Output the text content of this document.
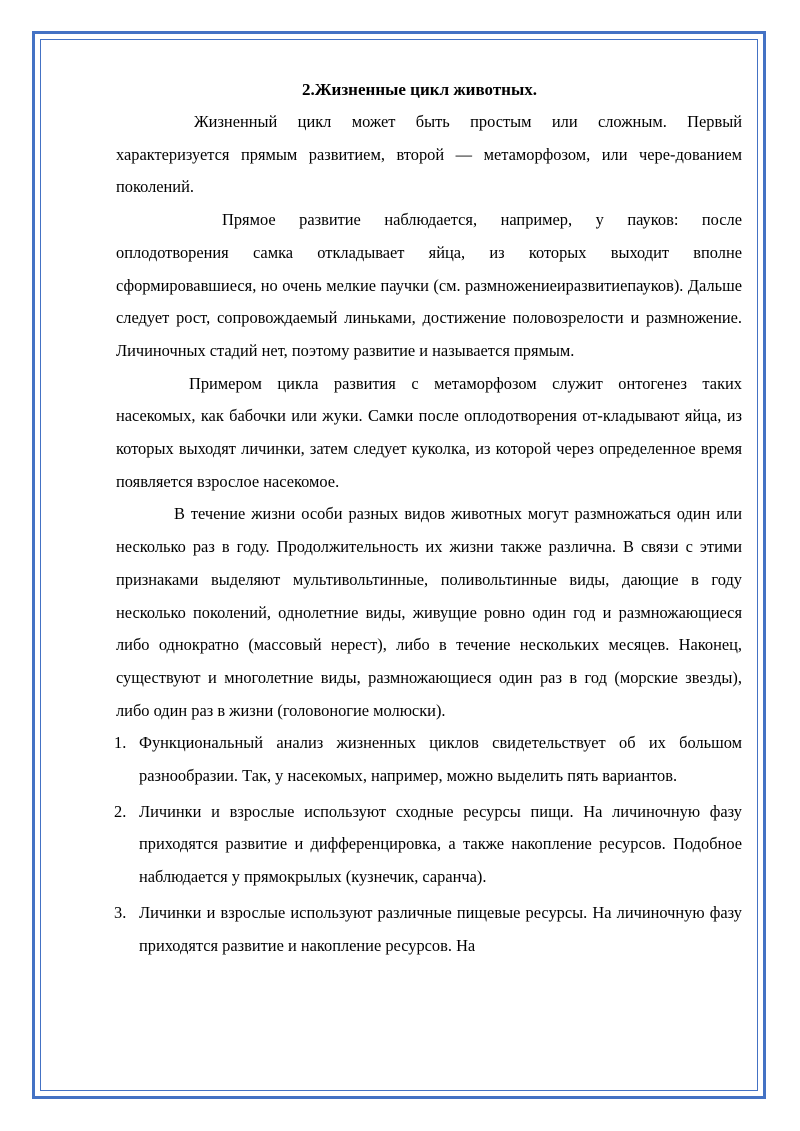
2.Жизненные цикл животных.

Жизненный цикл может быть простым или сложным. Первый характеризуется прямым развитием, второй — метаморфозом, или чере-дованием поколений.

Прямое развитие наблюдается, например, у пауков: после оплодотворения самка откладывает яйца, из которых выходит вполне сформировавшиеся, но очень мелкие паучки (см. размножениеиразвитиепауков). Дальше следует рост, сопровождаемый линьками, достижение половозрелости и размножение. Личиночных стадий нет, поэтому развитие и называется прямым.

Примером цикла развития с метаморфозом служит онтогенез таких насекомых, как бабочки или жуки. Самки после оплодотворения от-кладывают яйца, из которых выходят личинки, затем следует куколка, из которой через определенное время появляется взрослое насекомое.

В течение жизни особи разных видов животных могут размножаться один или несколько раз в году. Продолжительность их жизни также различна. В связи с этими признаками выделяют мультивольтинные, поливольтинные виды, дающие в году несколько поколений, однолетние виды, живущие ровно один год и размножающиеся либо однократно (массовый нерест), либо в течение нескольких месяцев. Наконец, существуют и многолетние виды, размножающиеся один раз в год (морские звезды), либо один раз в жизни (головоногие молюски).

1. Функциональный анализ жизненных циклов свидетельствует об их большом разнообразии. Так, у насекомых, например, можно выделить пять вариантов.
2. Личинки и взрослые используют сходные ресурсы пищи. На личиночную фазу приходятся развитие и дифференцировка, а также накопление ресурсов. Подобное наблюдается у прямокрылых (кузнечик, саранча).
3. Личинки и взрослые используют различные пищевые ресурсы. На личиночную фазу приходятся развитие и накопление ресурсов. На
